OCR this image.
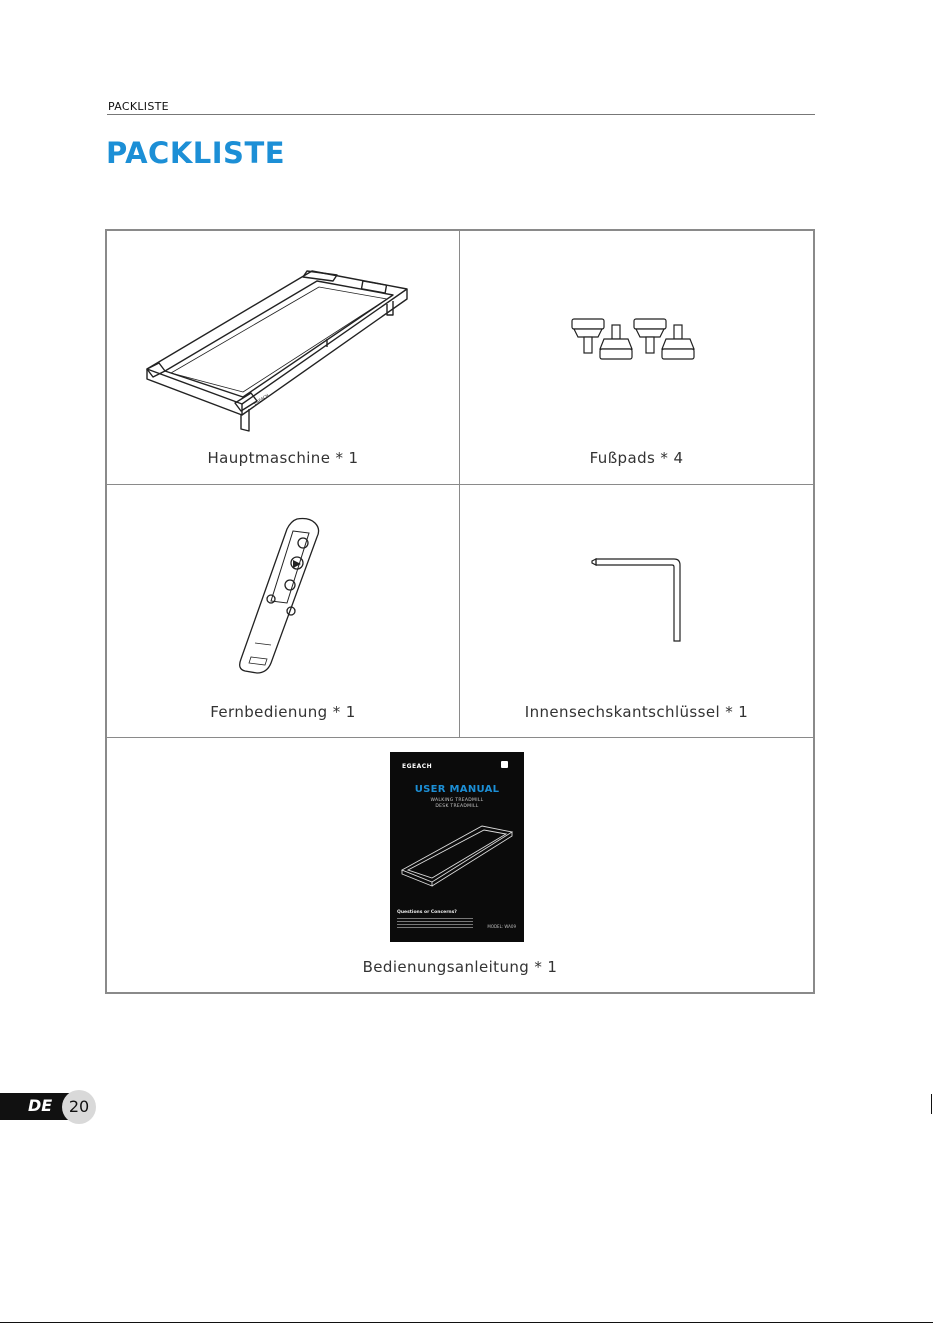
PACKLISTE
PACKLISTE
EGEACH
Hauptmaschine * 1	Fußpads * 4
Fernbedienung * 1	Innensechskantschlüssel * 1
EGEACH
USER MANUAL
WALKING TREADMILL
DESK TREADMILL
Questions or Concerns?
MODEL: WA09
Bedienungsanleitung * 1
DE	20
